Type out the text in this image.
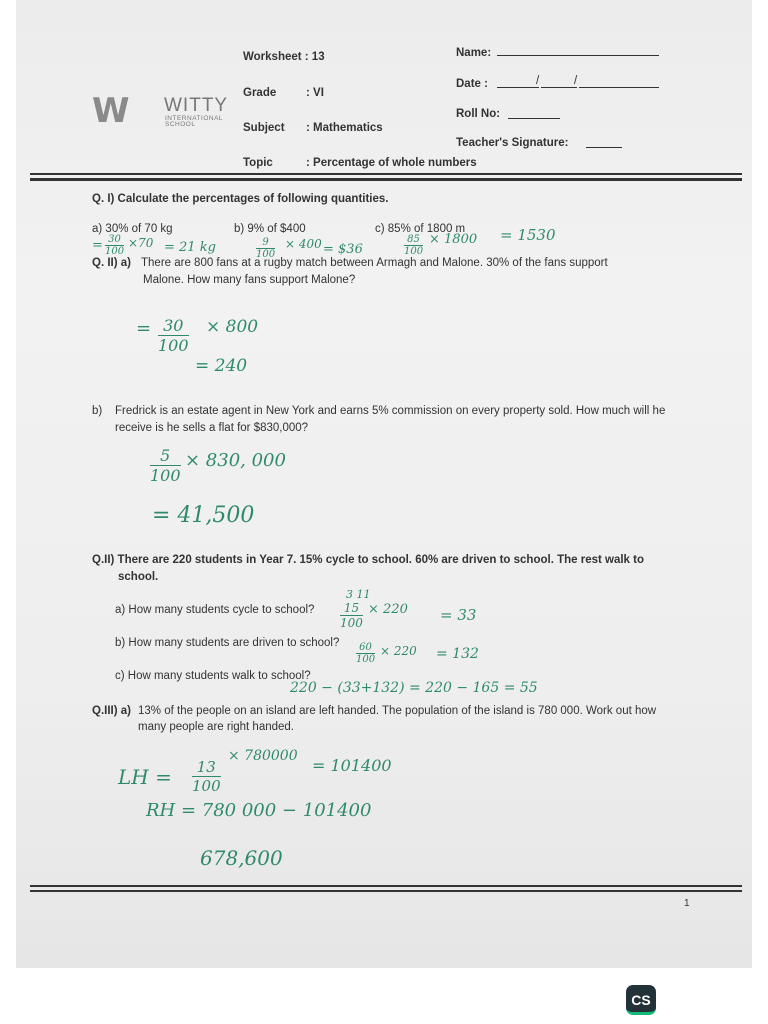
W WITTY
INTERNATIONAL
SCHOOL
Worksheet : 13
Grade	: VI
Subject : Mathematics
Topic	: Percentage of whole numbers
Name:
Date :	/	/
Roll No:
Teacher's Signature:
Q. I) Calculate the percentages of following quantities.
a) 30% of 70 kg	b) 9% of $400	c) 85% of 1800 m
= $\frac{30}{100} \times 70 = 21$ kg	$\frac{9}{100} \times 400$ = $36	$\frac{85}{100} \times 1800 = 1530$
Q. II) a) There are 800 fans at a rugby match between Armagh and Malone. 30% of the fans support
Malone. How many fans support Malone?
= $\frac{30}{100} \times 800$
= 240
b) Fredrick is an estate agent in New York and earns 5% commission on every property sold. How much will he
receive is he sells a flat for $830,000?
$\frac{5}{100} \times 830$, 000
= 41,500
Q.II) There are 220 students in Year 7. 15% cycle to school. 60% are driven to school. The rest walk to
school.
a) How many students cycle to school?
b) How many students are driven to school?
c) How many students walk to school?
3 11
$\frac{15}{100} \times 220 = 33$
$\frac{60}{100} \times 220 = 132$
220 − (33+132) = 220 − 165 = 55
Q.III) a) 13% of the people on an island are left handed. The population of the island is 780 000. Work out how
many people are right handed.
LH = $\frac{13}{100}$
× 780000 = 101400
RH = 780 000 − 101400
678,600
1
CS
